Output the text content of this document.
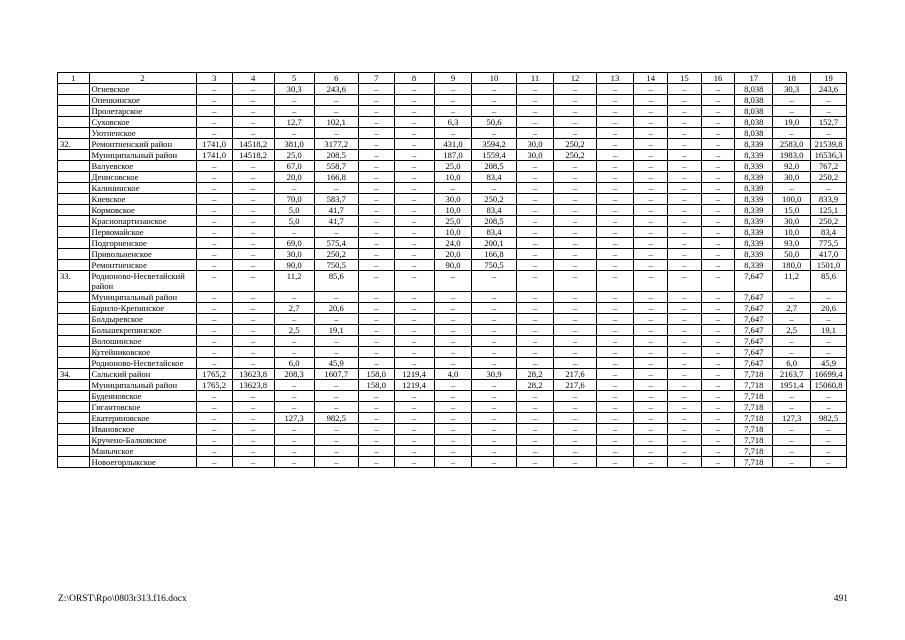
1	2	3	4	5	6	7	8	9	10	11	12	13	14	15	16	17	18	19
	Огневское	–	–	30,3	243,6	–	–	–	–	–	–	–	–	–	–	8,038	30,3	243,6
	Опенкинское	–	–	–	–	–	–	–	–	–	–	–	–	–	–	8,038	–	–
	Пролетарское	–	–	–	–	–	–	–	–	–	–	–	–	–	–	8,038	–	–
	Суховское	–	–	12,7	102,1	–	–	6,3	50,6	–	–	–	–	–	–	8,038	19,0	152,7
	Уютненское	–	–	–	–	–	–	–	–	–	–	–	–	–	–	8,038	–	–
32.	Ремонтненский район	1741,0	14518,2	381,0	3177,2	–	–	431,0	3594,2	30,0	250,2	–	–	–	–	8,339	2583,0	21539,8
	Муниципальный район	1741,0	14518,2	25,0	208,5	–	–	187,0	1559,4	30,0	250,2	–	–	–	–	8,339	1983,0	16536,3
	Валуевское	–	–	67,0	558,7	–	–	25,0	208,5	–	–	–	–	–	–	8,339	92,0	767,2
	Денисовское	–	–	20,0	166,8	–	–	10,0	83,4	–	–	–	–	–	–	8,339	30,0	250,2
	Калининское	–	–	–	–	–	–	–	–	–	–	–	–	–	–	8,339	–	–
	Киевское	–	–	70,0	583,7	–	–	30,0	250,2	–	–	–	–	–	–	8,339	100,0	833,9
	Кормовское	–	–	5,0	41,7	–	–	10,0	83,4	–	–	–	–	–	–	8,339	15,0	125,1
	Краснопартизанское	–	–	5,0	41,7	–	–	25,0	208,5	–	–	–	–	–	–	8,339	30,0	250,2
	Первомайское	–	–	–	–	–	–	10,0	83,4	–	–	–	–	–	–	8,339	10,0	83,4
	Подгорненское	–	–	69,0	575,4	–	–	24,0	200,1	–	–	–	–	–	–	8,339	93,0	775,5
	Привольненское	–	–	30,0	250,2	–	–	20,0	166,8	–	–	–	–	–	–	8,339	50,0	417,0
	Ремонтненское	–	–	90,0	750,5	–	–	90,0	750,5	–	–	–	–	–	–	8,339	180,0	1501,0
33.	Родионово-Несветайский район	–	–	11,2	85,6	–	–	–	–	–	–	–	–	–	–	7,647	11,2	85,6
	Муниципальный район	–	–	–	–	–	–	–	–	–	–	–	–	–	–	7,647	–	–
	Барило-Крепинское	–	–	2,7	20,6	–	–	–	–	–	–	–	–	–	–	7,647	2,7	20,6
	Болдыревское	–	–	–	–	–	–	–	–	–	–	–	–	–	–	7,647	–	–
	Большекрепинское	–	–	2,5	19,1	–	–	–	–	–	–	–	–	–	–	7,647	2,5	19,1
	Волошинское	–	–	–	–	–	–	–	–	–	–	–	–	–	–	7,647	–	–
	Кутейниковское	–	–	–	–	–	–	–	–	–	–	–	–	–	–	7,647	–	–
	Родионово-Несветайское	–	–	6,0	45,9	–	–	–	–	–	–	–	–	–	–	7,647	6,0	45,9
34.	Сальский район	1765,2	13623,8	208,3	1607,7	158,0	1219,4	4,0	30,9	28,2	217,6	–	–	–	–	7,718	2163,7	16699,4
	Муниципальный район	1765,2	13623,8	–	–	158,0	1219,4	–	–	28,2	217,6	–	–	–	–	7,718	1951,4	15060,8
	Буденновское	–	–	–	–	–	–	–	–	–	–	–	–	–	–	7,718	–	–
	Гигантовское	–	–	–	–	–	–	–	–	–	–	–	–	–	–	7,718	–	–
	Екатериновское	–	–	127,3	982,5	–	–	–	–	–	–	–	–	–	–	7,718	127,3	982,5
	Ивановское	–	–	–	–	–	–	–	–	–	–	–	–	–	–	7,718	–	–
	Кручено-Балковское	–	–	–	–	–	–	–	–	–	–	–	–	–	–	7,718	–	–
	Манычское	–	–	–	–	–	–	–	–	–	–	–	–	–	–	7,718	–	–
	Новоегорлыкское	–	–	–	–	–	–	–	–	–	–	–	–	–	–	7,718	–	–
Z:\ORST\Rpo\0803r313.f16.docx	491
